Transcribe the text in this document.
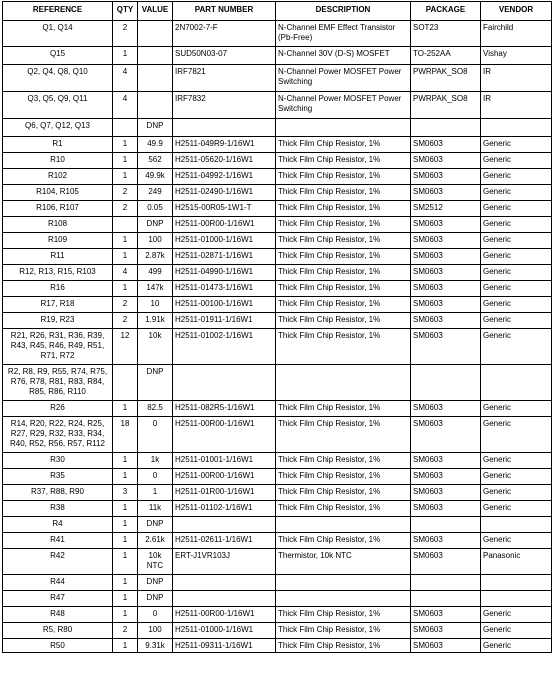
REFERENCE	QTY	VALUE	PART NUMBER	DESCRIPTION	PACKAGE	VENDOR
Q1, Q14	2		2N7002-7-F	N-Channel EMF Effect Transistor (Pb-Free)	SOT23	Fairchild
Q15	1		SUD50N03-07	N-Channel 30V (D-S) MOSFET	TO-252AA	Vishay
Q2, Q4, Q8, Q10	4		IRF7821	N-Channel Power MOSFET Power Switching	PWRPAK_SO8	IR
Q3, Q5, Q9, Q11	4		IRF7832	N-Channel Power MOSFET Power Switching	PWRPAK_SO8	IR
Q6, Q7, Q12, Q13		DNP				
R1	1	49.9	H2511-049R9-1/16W1	Thick Film Chip Resistor, 1%	SM0603	Generic
R10	1	562	H2511-05620-1/16W1	Thick Film Chip Resistor, 1%	SM0603	Generic
R102	1	49.9k	H2511-04992-1/16W1	Thick Film Chip Resistor, 1%	SM0603	Generic
R104, R105	2	249	H2511-02490-1/16W1	Thick Film Chip Resistor, 1%	SM0603	Generic
R106, R107	2	0.05	H2515-00R05-1W1-T	Thick Film Chip Resistor, 1%	SM2512	Generic
R108		DNP	H2511-00R00-1/16W1	Thick Film Chip Resistor, 1%	SM0603	Generic
R109	1	100	H2511-01000-1/16W1	Thick Film Chip Resistor, 1%	SM0603	Generic
R11	1	2.87k	H2511-02871-1/16W1	Thick Film Chip Resistor, 1%	SM0603	Generic
R12, R13, R15, R103	4	499	H2511-04990-1/16W1	Thick Film Chip Resistor, 1%	SM0603	Generic
R16	1	147k	H2511-01473-1/16W1	Thick Film Chip Resistor, 1%	SM0603	Generic
R17, R18	2	10	H2511-00100-1/16W1	Thick Film Chip Resistor, 1%	SM0603	Generic
R19, R23	2	1.91k	H2511-01911-1/16W1	Thick Film Chip Resistor, 1%	SM0603	Generic
R21, R26, R31, R36, R39, R43, R45, R46, R49, R51, R71, R72	12	10k	H2511-01002-1/16W1	Thick Film Chip Resistor, 1%	SM0603	Generic
R2, R8, R9, R55, R74, R75, R76, R78, R81, R83, R84, R85, R86, R110		DNP				
R26	1	82.5	H2511-082R5-1/16W1	Thick Film Chip Resistor, 1%	SM0603	Generic
R14, R20, R22, R24, R25, R27, R29, R32, R33, R34, R40, R52, R56, R57, R112	18	0	H2511-00R00-1/16W1	Thick Film Chip Resistor, 1%	SM0603	Generic
R30	1	1k	H2511-01001-1/16W1	Thick Film Chip Resistor, 1%	SM0603	Generic
R35	1	0	H2511-00R00-1/16W1	Thick Film Chip Resistor, 1%	SM0603	Generic
R37, R88, R90	3	1	H2511-01R00-1/16W1	Thick Film Chip Resistor, 1%	SM0603	Generic
R38	1	11k	H2511-01102-1/16W1	Thick Film Chip Resistor, 1%	SM0603	Generic
R4	1	DNP				
R41	1	2.61k	H2511-02611-1/16W1	Thick Film Chip Resistor, 1%	SM0603	Generic
R42	1	10k NTC	ERT-J1VR103J	Thermistor, 10k NTC	SM0603	Panasonic
R44	1	DNP				
R47	1	DNP				
R48	1	0	H2511-00R00-1/16W1	Thick Film Chip Resistor, 1%	SM0603	Generic
R5, R80	2	100	H2511-01000-1/16W1	Thick Film Chip Resistor, 1%	SM0603	Generic
R50	1	9.31k	H2511-09311-1/16W1	Thick Film Chip Resistor, 1%	SM0603	Generic
